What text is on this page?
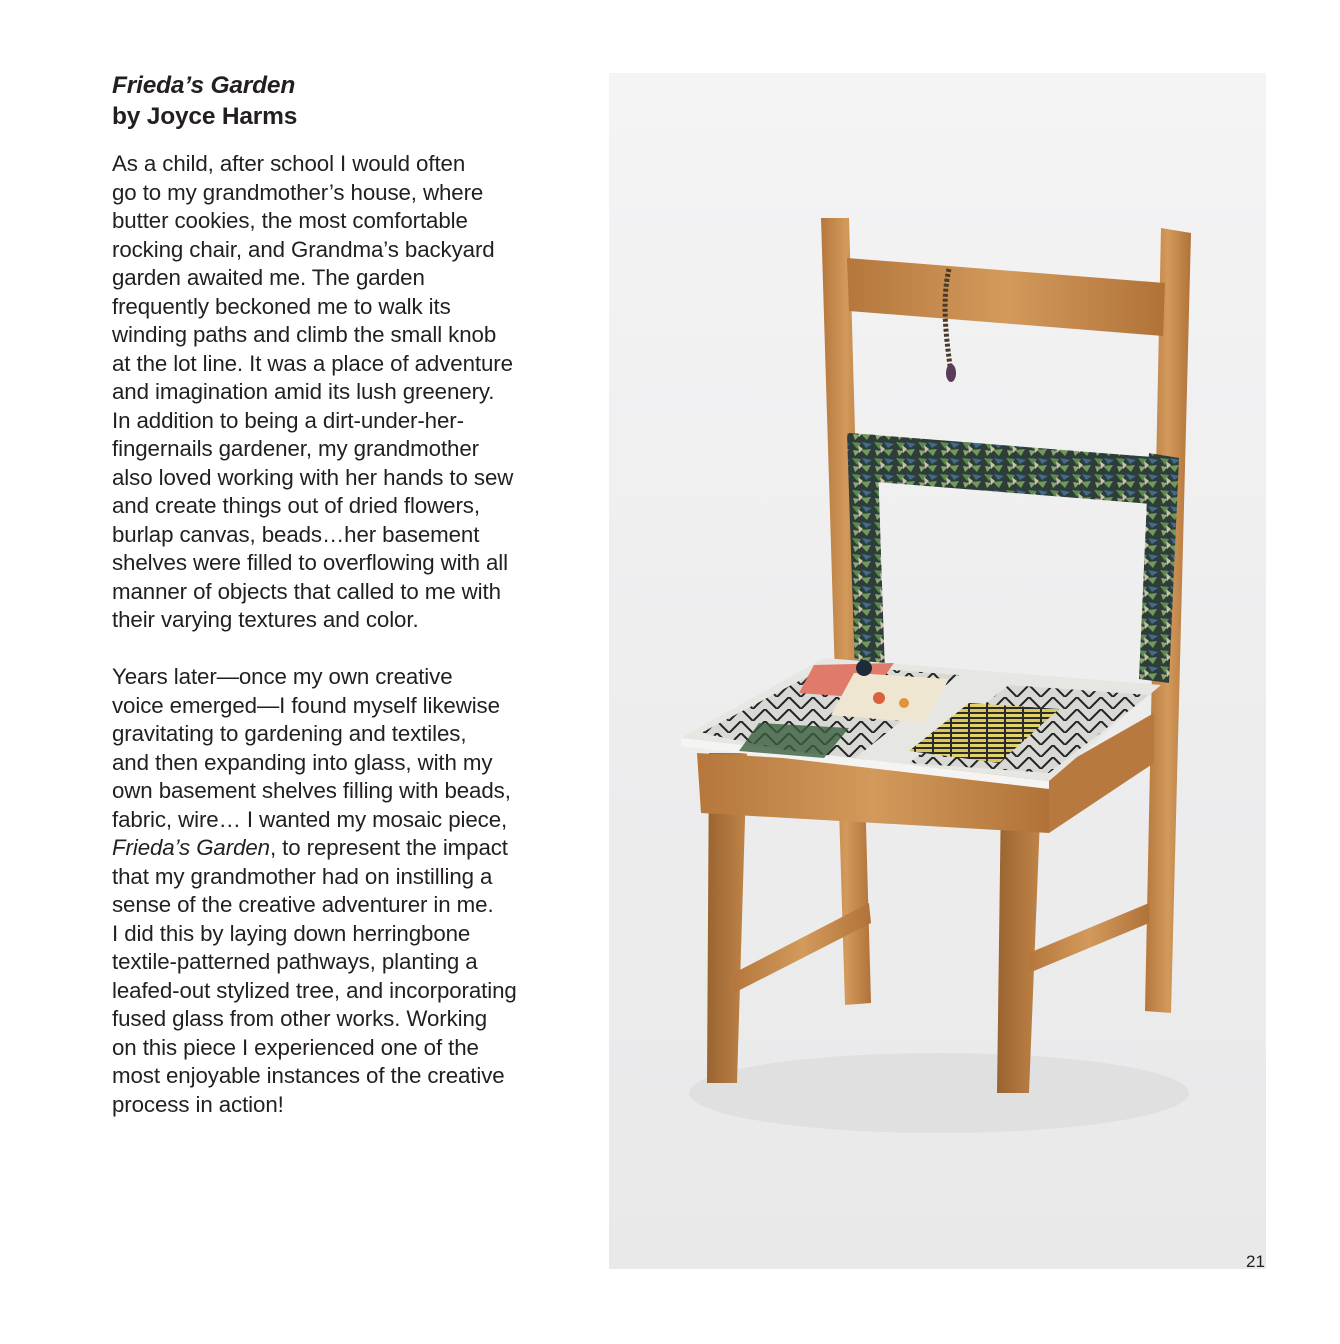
Frieda’s Garden
by Joyce Harms

As a child, after school I would often
go to my grandmother’s house, where
butter cookies, the most comfortable
rocking chair, and Grandma’s backyard
garden awaited me. The garden
frequently beckoned me to walk its
winding paths and climb the small knob
at the lot line. It was a place of adventure
and imagination amid its lush greenery.
In addition to being a dirt-under-her-
fingernails gardener, my grandmother
also loved working with her hands to sew
and create things out of dried flowers,
burlap canvas, beads…her basement
shelves were filled to overflowing with all
manner of objects that called to me with
their varying textures and color.

Years later—once my own creative
voice emerged—I found myself likewise
gravitating to gardening and textiles,
and then expanding into glass, with my
own basement shelves filling with beads,
fabric, wire… I wanted my mosaic piece,
Frieda’s Garden, to represent the impact
that my grandmother had on instilling a
sense of the creative adventurer in me.
I did this by laying down herringbone
textile-patterned pathways, planting a
leafed-out stylized tree, and incorporating
fused glass from other works. Working
on this piece I experienced one of the
most enjoyable instances of the creative
process in action!

21
